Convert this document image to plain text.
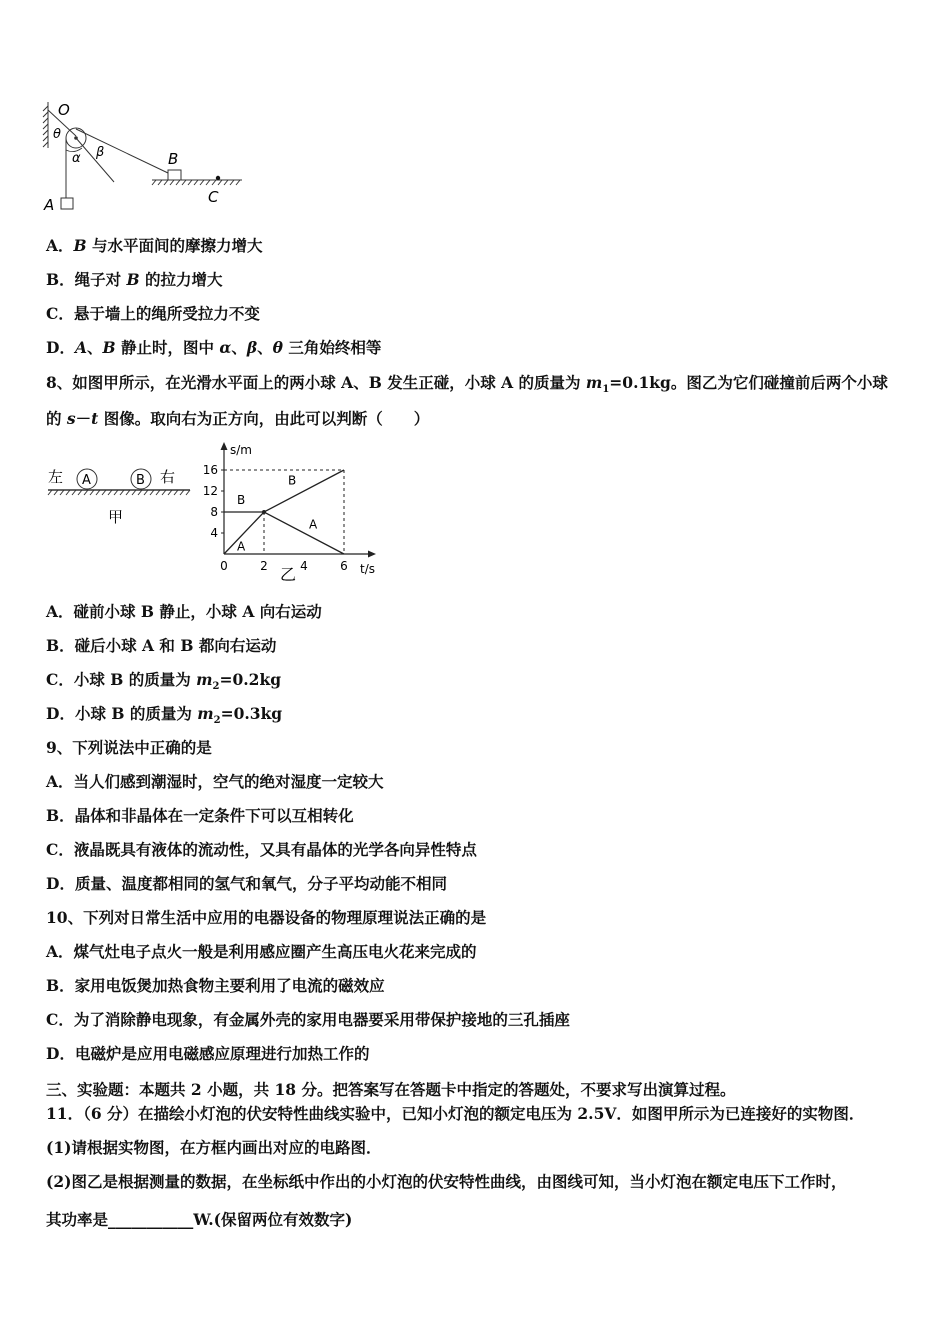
O
θ
α β
A
B
C
A．B 与水平面间的摩擦力增大
B．绳子对 B 的拉力增大
C．悬于墙上的绳所受拉力不变
D．A、B 静止时，图中 α、β、θ 三角始终相等
8、如图甲所示，在光滑水平面上的两小球 A、B 发生正碰，小球 A 的质量为 $m_1=0.1kg$。图乙为它们碰撞前后两个小球
的 s－t 图像。取向右为正方向，由此可以判断（　　）
左 A	B 右
甲
s/m
t/s
乙
4
8
12
16
0	2	4	6
A
A
B
B
A．碰前小球 B 静止，小球 A 向右运动
B．碰后小球 A 和 B 都向右运动
C．小球 B 的质量为 $m_2=0.2kg$
D．小球 B 的质量为 $m_2=0.3kg$
9、下列说法中正确的是
A．当人们感到潮湿时，空气的绝对湿度一定较大
B．晶体和非晶体在一定条件下可以互相转化
C．液晶既具有液体的流动性，又具有晶体的光学各向异性特点
D．质量、温度都相同的氢气和氧气，分子平均动能不相同
10、下列对日常生活中应用的电器设备的物理原理说法正确的是
A．煤气灶电子点火一般是利用感应圈产生高压电火花来完成的
B．家用电饭煲加热食物主要利用了电流的磁效应
C．为了消除静电现象，有金属外壳的家用电器要采用带保护接地的三孔插座
D．电磁炉是应用电磁感应原理进行加热工作的
三、实验题：本题共 2 小题，共 18 分。把答案写在答题卡中指定的答题处，不要求写出演算过程。
11．（6 分）在描绘小灯泡的伏安特性曲线实验中，已知小灯泡的额定电压为 2.5V．如图甲所示为已连接好的实物图．
(1)请根据实物图，在方框内画出对应的电路图．
(2)图乙是根据测量的数据，在坐标纸中作出的小灯泡的伏安特性曲线，由图线可知，当小灯泡在额定电压下工作时，
其功率是___________W.(保留两位有效数字)
